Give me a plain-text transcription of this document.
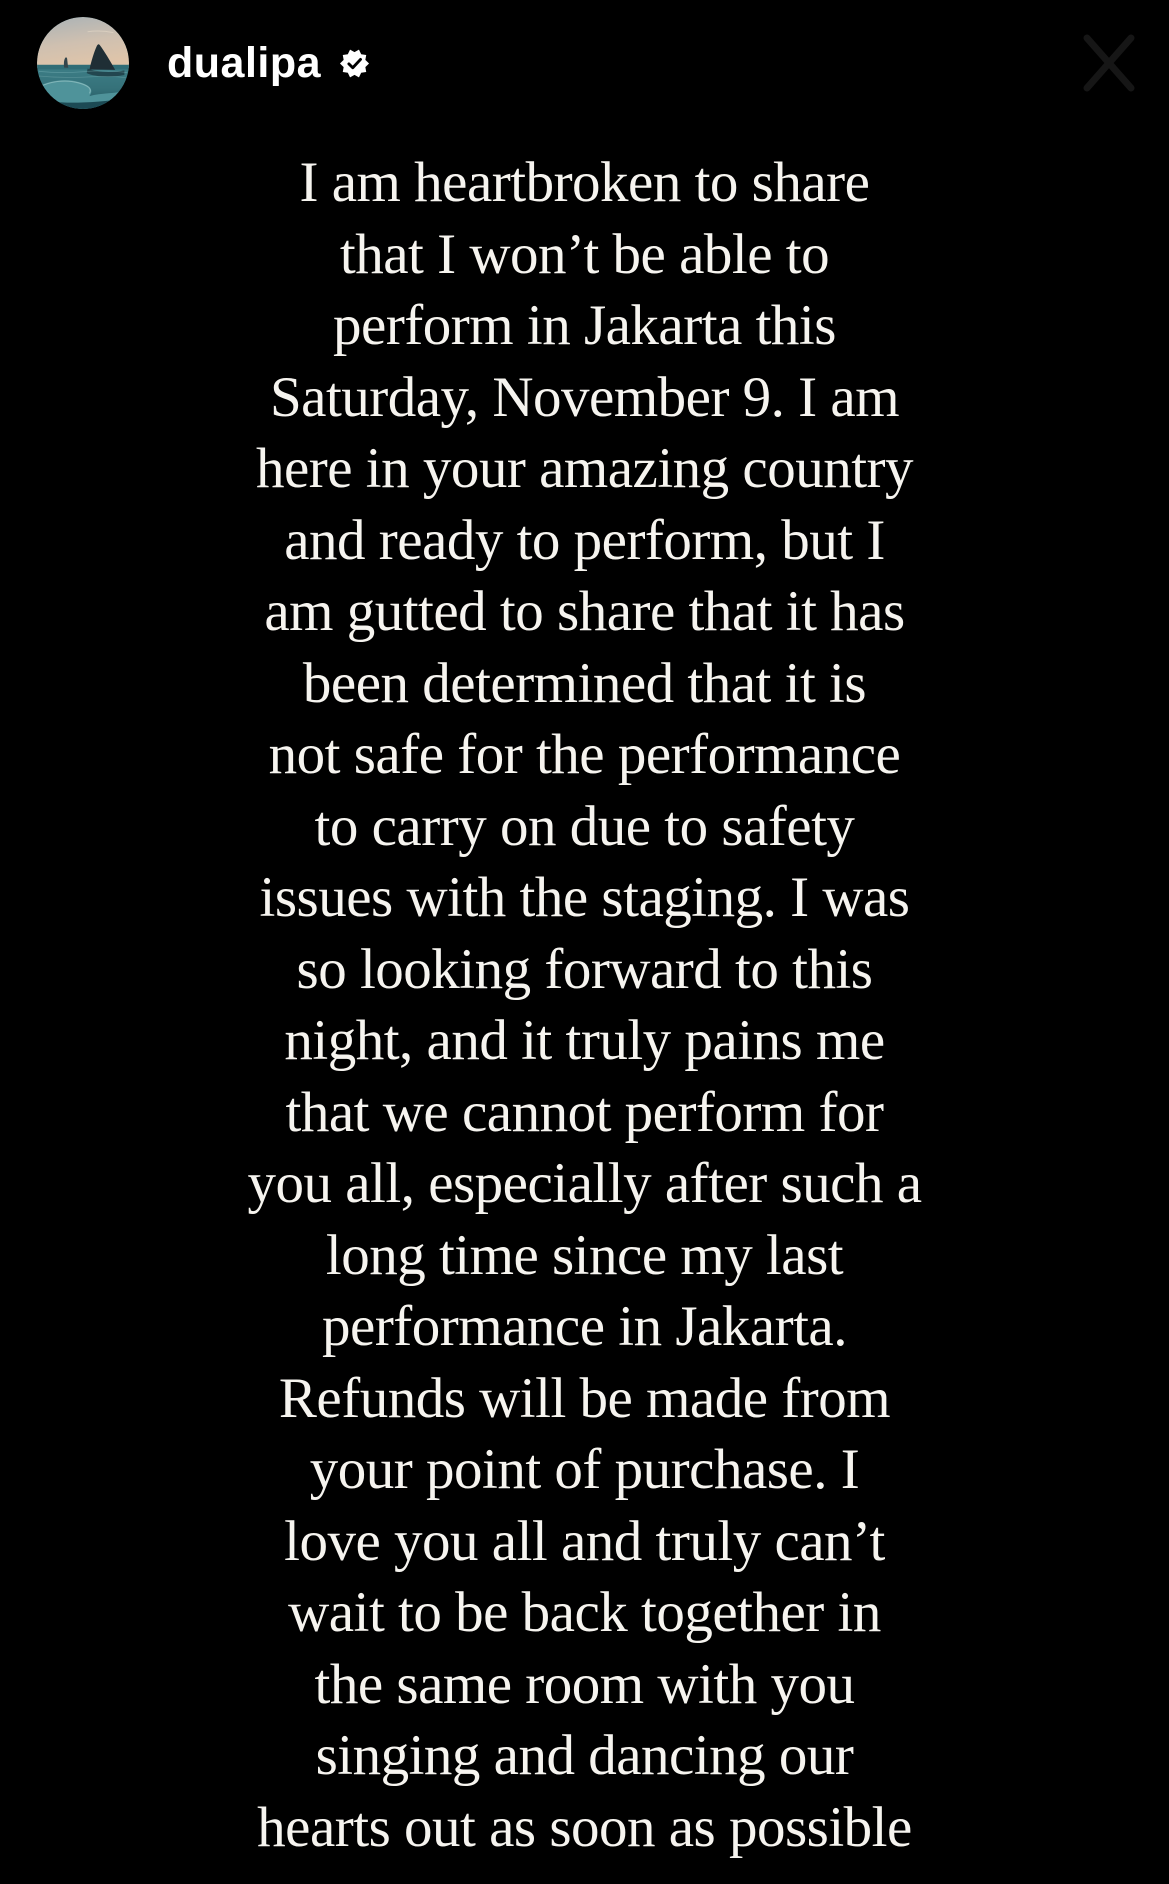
dualipa
I am heartbroken to share
that I won’t be able to
perform in Jakarta this
Saturday, November 9. I am
here in your amazing country
and ready to perform, but I
am gutted to share that it has
been determined that it is
not safe for the performance
to carry on due to safety
issues with the staging. I was
so looking forward to this
night, and it truly pains me
that we cannot perform for
you all, especially after such a
long time since my last
performance in Jakarta.
Refunds will be made from
your point of purchase. I
love you all and truly can’t
wait to be back together in
the same room with you
singing and dancing our
hearts out as soon as possible
